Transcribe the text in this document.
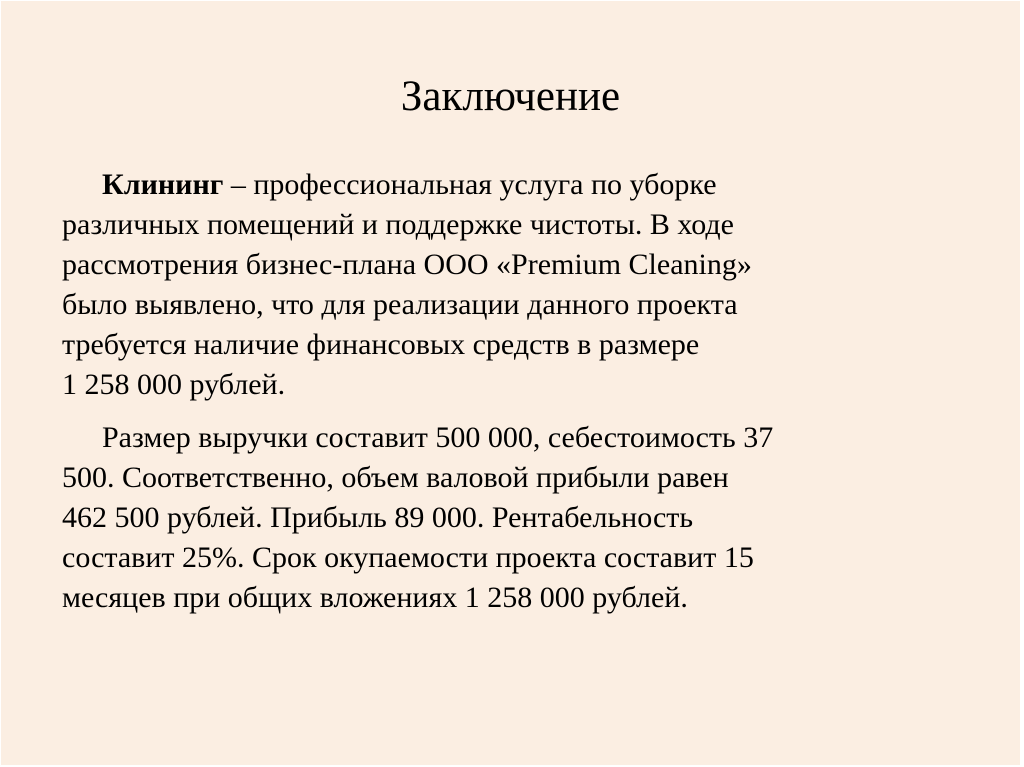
Заключение

Клининг – профессиональная услуга по уборке
различных помещений и поддержке чистоты. В ходе
рассмотрения бизнес-плана ООО «Premium Cleaning»
было выявлено, что для реализации данного проекта
требуется наличие финансовых средств в размере
1 258 000 рублей.

Размер выручки составит 500 000, себестоимость 37
500. Соответственно, объем валовой прибыли равен
462 500 рублей. Прибыль 89 000. Рентабельность
составит 25%. Срок окупаемости проекта составит 15
месяцев при общих вложениях 1 258 000 рублей.
